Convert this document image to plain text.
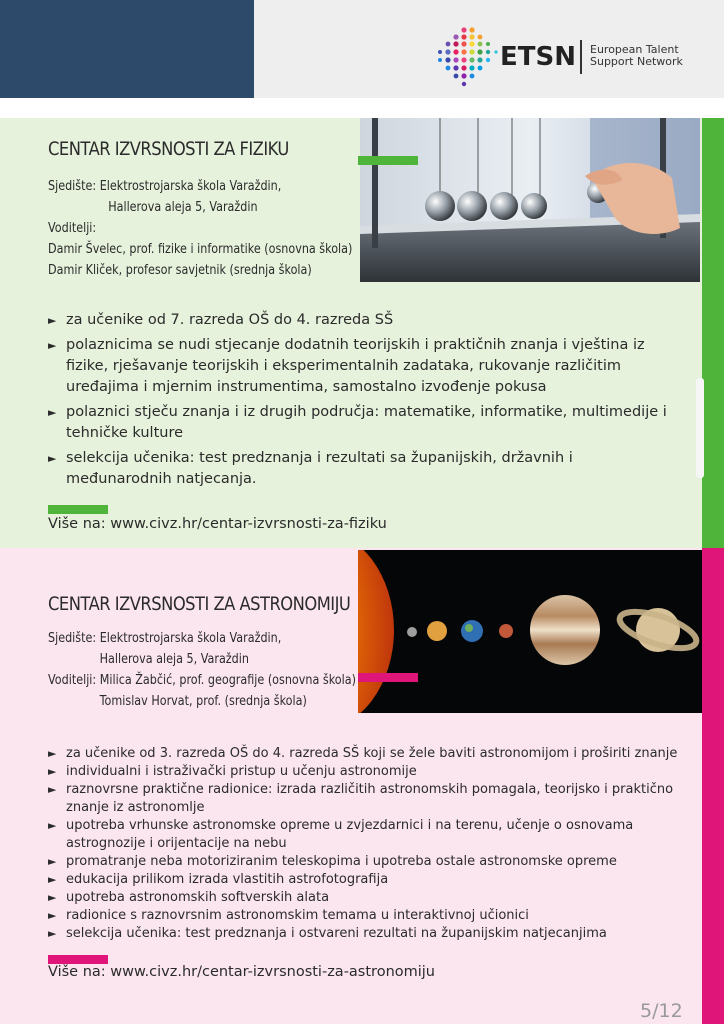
ETSN European Talent
Support Network
CENTAR IZVRSNOSTI ZA FIZIKU
Sjedište: Elektrostrojarska škola Varaždin,
Hallerova aleja 5, Varaždin
Voditelji:
Damir Švelec, prof. fizike i informatike (osnovna škola)
Damir Kliček, profesor savjetnik (srednja škola)
► za učenike od 7. razreda OŠ do 4. razreda SŠ
► polaznicima se nudi stjecanje dodatnih teorijskih i praktičnih znanja i vještina iz fizike, rješavanje teorijskih i eksperimentalnih zadataka, rukovanje različitim uređajima i mjernim instrumentima, samostalno izvođenje pokusa
► polaznici stječu znanja i iz drugih područja: matematike, informatike, multimedije i tehničke kulture
► selekcija učenika: test predznanja i rezultati sa županijskih, državnih i međunarodnih natjecanja.
Više na: www.civz.hr/centar-izvrsnosti-za-fiziku
CENTAR IZVRSNOSTI ZA ASTRONOMIJU
Sjedište: Elektrostrojarska škola Varaždin,
Hallerova aleja 5, Varaždin
Voditelji: Milica Žabčić, prof. geografije (osnovna škola)
Tomislav Horvat, prof. (srednja škola)
► za učenike od 3. razreda OŠ do 4. razreda SŠ koji se žele baviti astronomijom i proširiti znanje
► individualni i istraživački pristup u učenju astronomije
► raznovrsne praktične radionice: izrada različitih astronomskih pomagala, teorijsko i praktično znanje iz astronomlje
► upotreba vrhunske astronomske opreme u zvjezdarnici i na terenu, učenje o osnovama astrognozije i orijentacije na nebu
► promatranje neba motoriziranim teleskopima i upotreba ostale astronomske opreme
► edukacija prilikom izrada vlastitih astrofotografija
► upotreba astronomskih softverskih alata
► radionice s raznovrsnim astronomskim temama u interaktivnoj učionici
► selekcija učenika: test predznanja i ostvareni rezultati na županijskim natjecanjima
Više na: www.civz.hr/centar-izvrsnosti-za-astronomiju
5/12
